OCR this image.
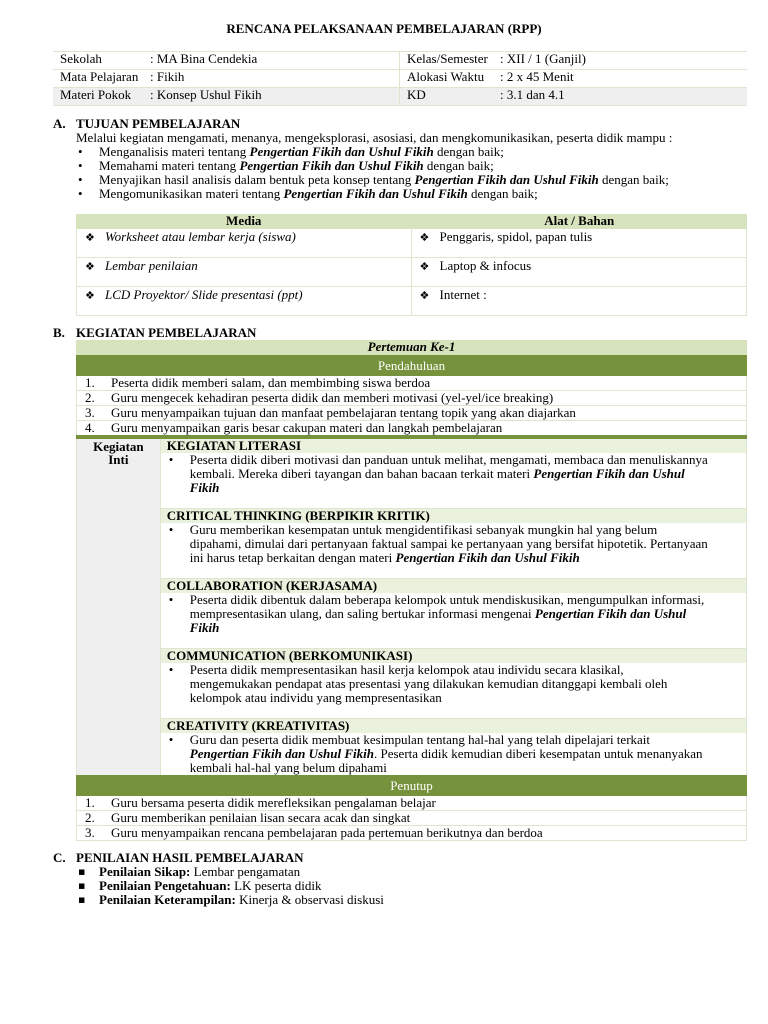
RENCANA PELAKSANAAN PEMBELAJARAN (RPP)
Sekolah	: MA Bina Cendekia	Kelas/Semester : XII / 1 (Ganjil)
Mata Pelajaran : Fikih	Alokasi Waktu	: 2 x 45 Menit
Materi Pokok	: Konsep Ushul Fikih	KD	: 3.1 dan 4.1
A. TUJUAN PEMBELAJARAN
Melalui kegiatan mengamati, menanya, mengeksplorasi, asosiasi, dan mengkomunikasikan, peserta didik mampu :
• Menganalisis materi tentang Pengertian Fikih dan Ushul Fikih dengan baik;
• Memahami materi tentang Pengertian Fikih dan Ushul Fikih dengan baik;
• Menyajikan hasil analisis dalam bentuk peta konsep tentang Pengertian Fikih dan Ushul Fikih dengan baik;
• Mengomunikasikan materi tentang Pengertian Fikih dan Ushul Fikih dengan baik;
Media	Alat / Bahan
❖ Worksheet atau lembar kerja (siswa)	❖ Penggaris, spidol, papan tulis
❖ Lembar penilaian	❖ Laptop & infocus
❖ LCD Proyektor/ Slide presentasi (ppt)	❖ Internet :
B. KEGIATAN PEMBELAJARAN
Pertemuan Ke-1
Pendahuluan
1.	Peserta didik memberi salam, dan membimbing siswa berdoa
2.	Guru mengecek kehadiran peserta didik dan memberi motivasi (yel-yel/ice breaking)
3.	Guru menyampaikan tujuan dan manfaat pembelajaran tentang topik yang akan diajarkan
4.	Guru menyampaikan garis besar cakupan materi dan langkah pembelajaran
Kegiatan
Inti
KEGIATAN LITERASI
• Peserta didik diberi motivasi dan panduan untuk melihat, mengamati, membaca dan menuliskannya
kembali. Mereka diberi tayangan dan bahan bacaan terkait materi Pengertian Fikih dan Ushul
Fikih
CRITICAL THINKING (BERPIKIR KRITIK)
• Guru memberikan kesempatan untuk mengidentifikasi sebanyak mungkin hal yang belum
dipahami, dimulai dari pertanyaan faktual sampai ke pertanyaan yang bersifat hipotetik. Pertanyaan
ini harus tetap berkaitan dengan materi Pengertian Fikih dan Ushul Fikih
COLLABORATION (KERJASAMA)
• Peserta didik dibentuk dalam beberapa kelompok untuk mendiskusikan, mengumpulkan informasi,
mempresentasikan ulang, dan saling bertukar informasi mengenai Pengertian Fikih dan Ushul
Fikih
COMMUNICATION (BERKOMUNIKASI)
• Peserta didik mempresentasikan hasil kerja kelompok atau individu secara klasikal,
mengemukakan pendapat atas presentasi yang dilakukan kemudian ditanggapi kembali oleh
kelompok atau individu yang mempresentasikan
CREATIVITY (KREATIVITAS)
• Guru dan peserta didik membuat kesimpulan tentang hal-hal yang telah dipelajari terkait
Pengertian Fikih dan Ushul Fikih. Peserta didik kemudian diberi kesempatan untuk menanyakan
kembali hal-hal yang belum dipahami
Penutup
1.	Guru bersama peserta didik merefleksikan pengalaman belajar
2.	Guru memberikan penilaian lisan secara acak dan singkat
3.	Guru menyampaikan rencana pembelajaran pada pertemuan berikutnya dan berdoa
C. PENILAIAN HASIL PEMBELAJARAN
▪ Penilaian Sikap: Lembar pengamatan
▪ Penilaian Pengetahuan: LK peserta didik
▪ Penilaian Keterampilan: Kinerja & observasi diskusi
